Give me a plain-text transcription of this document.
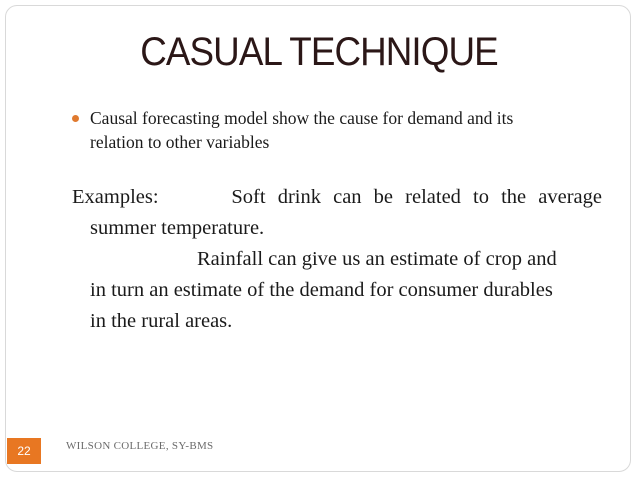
CASUAL TECHNIQUE
Causal forecasting model show the cause for demand and its
relation to other variables
Examples:	Soft drink can be related to the average
summer temperature.
Rainfall can give us an estimate of crop and
in turn an estimate of the demand for consumer durables
in the rural areas.
22	WILSON COLLEGE, SY-BMS
